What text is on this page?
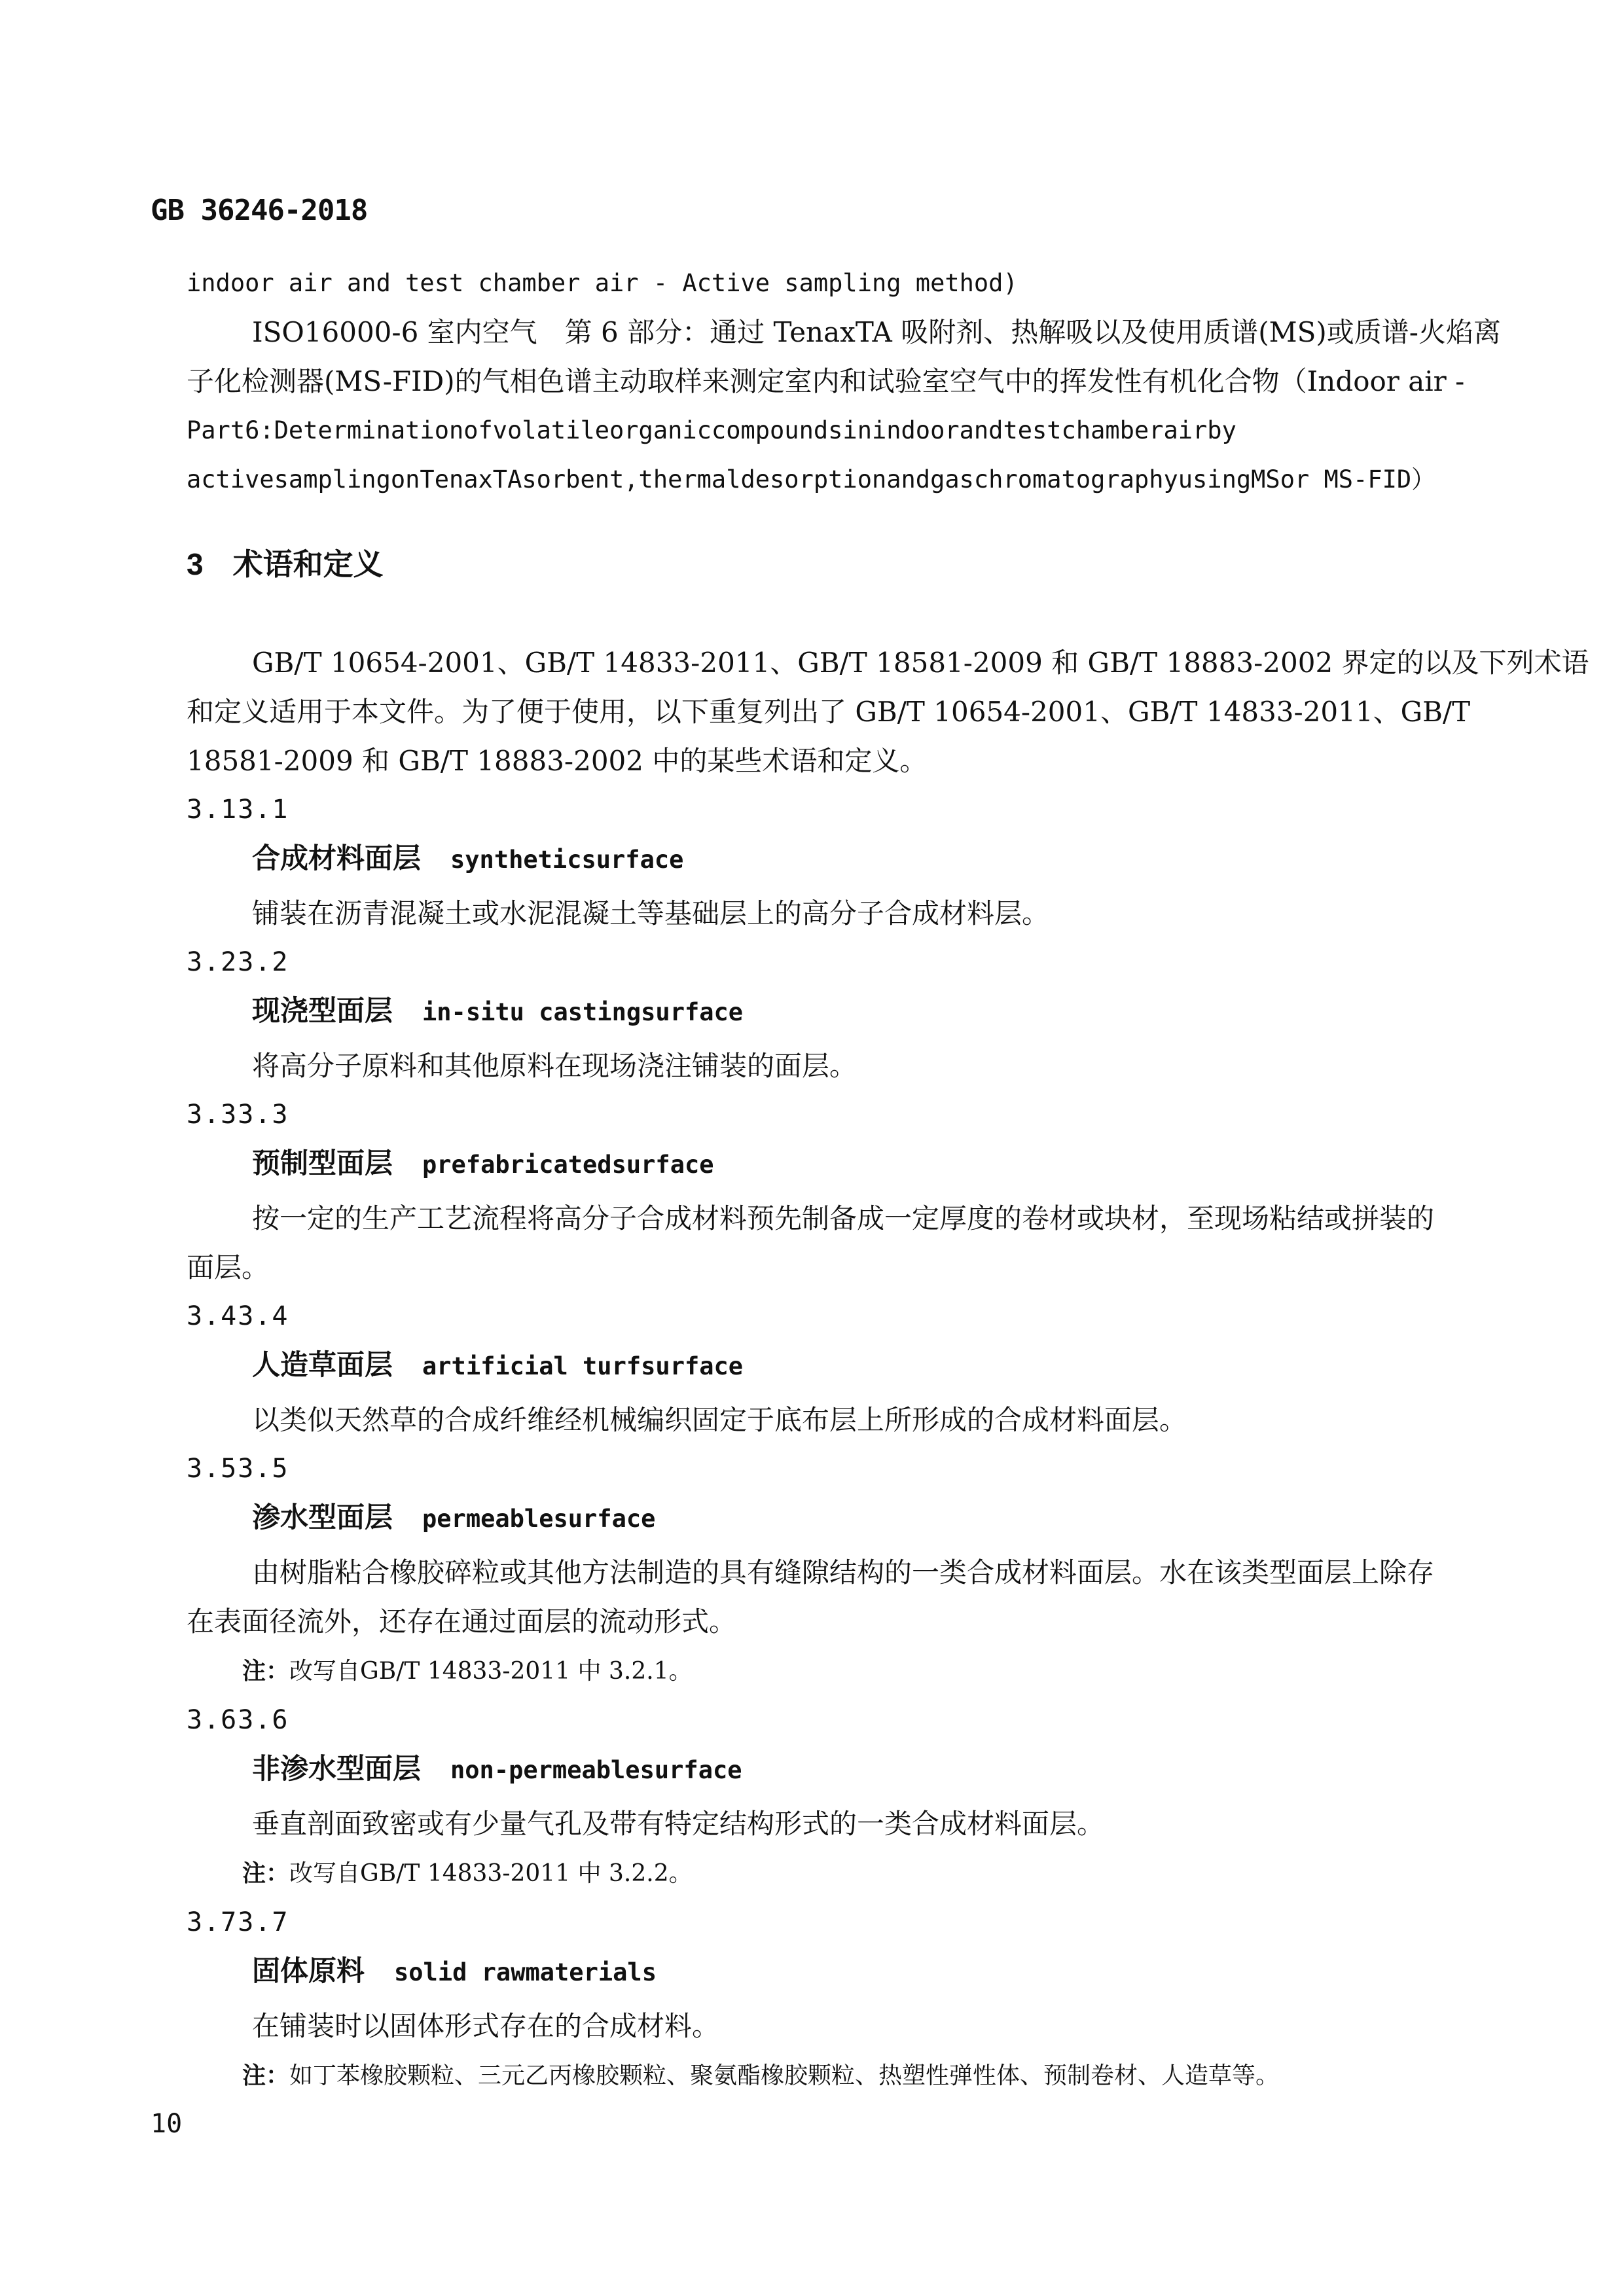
GB 36246-2018
indoor air and test chamber air - Active sampling method)
ISO16000-6 室内空气　第 6 部分：通过 TenaxTA 吸附剂、热解吸以及使用质谱(MS)或质谱-火焰离
子化检测器(MS-FID)的气相色谱主动取样来测定室内和试验室空气中的挥发性有机化合物（Indoor air -
Part6:Determinationofvolatileorganiccompoundsinindoorandtestchamberairby
activesamplingonTenaxTAsorbent,thermaldesorptionandgaschromatographyusingMSor MS-FID）
3 术语和定义
GB/T 10654-2001、GB/T 14833-2011、GB/T 18581-2009 和 GB/T 18883-2002 界定的以及下列术语
和定义适用于本文件。为了便于使用，以下重复列出了 GB/T 10654-2001、GB/T 14833-2011、GB/T
18581-2009 和 GB/T 18883-2002 中的某些术语和定义。
3.13.1
合成材料面层 syntheticsurface
铺装在沥青混凝土或水泥混凝土等基础层上的高分子合成材料层。
3.23.2
现浇型面层 in-situ castingsurface
将高分子原料和其他原料在现场浇注铺装的面层。
3.33.3
预制型面层 prefabricatedsurface
按一定的生产工艺流程将高分子合成材料预先制备成一定厚度的卷材或块材，至现场粘结或拼装的
面层。
3.43.4
人造草面层 artificial turfsurface
以类似天然草的合成纤维经机械编织固定于底布层上所形成的合成材料面层。
3.53.5
渗水型面层 permeablesurface
由树脂粘合橡胶碎粒或其他方法制造的具有缝隙结构的一类合成材料面层。水在该类型面层上除存
在表面径流外，还存在通过面层的流动形式。
注：改写自GB/T 14833-2011 中 3.2.1。
3.63.6
非渗水型面层 non-permeablesurface
垂直剖面致密或有少量气孔及带有特定结构形式的一类合成材料面层。
注：改写自GB/T 14833-2011 中 3.2.2。
3.73.7
固体原料 solid rawmaterials
在铺装时以固体形式存在的合成材料。
注：如丁苯橡胶颗粒、三元乙丙橡胶颗粒、聚氨酯橡胶颗粒、热塑性弹性体、预制卷材、人造草等。
10
